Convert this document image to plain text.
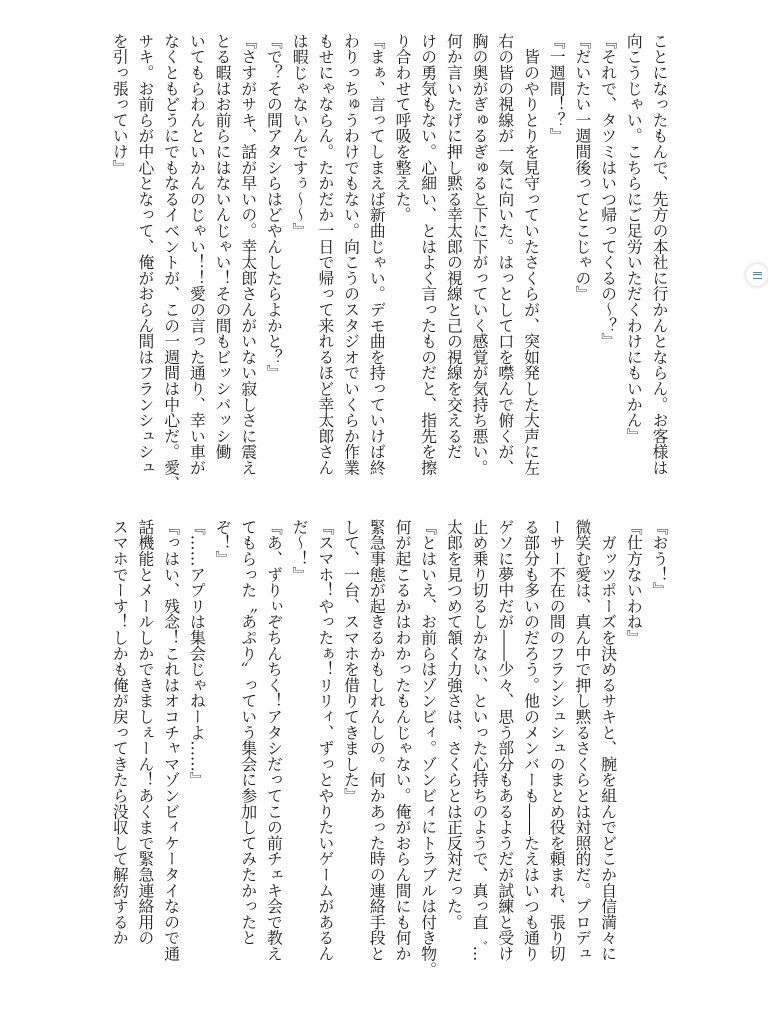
ことになったもんで、先方の本社に行かんとならん。お客様は
向こうじゃい。こちらにご足労いただくわけにもいかん』
『それで、タツミはいつ帰ってくるの～？』
『だいたい一週間後ってとこじゃの』
『一週間！？』
　皆のやりとりを見守っていたさくらが、突如発した大声に左
右の皆の視線が一気に向いた。はっとして口を噤んで俯くが、
胸の奥がぎゅるぎゅると下に下がっていく感覚が気持ち悪い。
何か言いたげに押し黙る幸太郎の視線と己の視線を交えるだ
けの勇気もない。心細い、とはよく言ったものだと、指先を擦
り合わせて呼吸を整えた。
『まぁ、言ってしまえば新曲じゃい。デモ曲を持っていけば終
わりっちゅうわけでもない。向こうのスタジオでいくらか作業
もせにゃならん。たかだか一日で帰って来れるほど幸太郎さん
は暇じゃないんですぅ～～』
『で？その間アタシらはどやんしたらよかと？』
『さすがサキ、話が早いの。幸太郎さんがいない寂しさに震え
とる暇はお前らにはないんじゃい！その間もビッシバッシ働
いてもらわんといかんのじゃい！！愛の言った通り、幸い車が
なくともどうにでもなるイベントが、この一週間は中心だ。愛、
サキ。お前らが中心となって、俺がおらん間はフランシュシュ
を引っ張っていけ』
『おう！』
『仕方ないわね』
　ガッツポーズを決めるサキと、腕を組んでどこか自信満々に
微笑む愛は、真ん中で押し黙るさくらとは対照的だ。プロデュ
ーサー不在の間のフランシュシュのまとめ役を頼まれ、張り切
る部分も多いのだろう。他のメンバーも――たえはいつも通り
ゲソに夢中だが――少々、思う部分もあるようだが試練と受け
止め乗り切るしかない、といった心持ちのようで、真っ直゛…
太郎を見つめて頷く力強さは、さくらとは正反対だった。
『とはいえ、お前らはゾンビィ。ゾンビィにトラブルは付き物。
何が起こるかはわかったもんじゃない。俺がおらん間にも何か
緊急事態が起きるかもしれんしの。何かあった時の連絡手段と
して、一台、スマホを借りてきました』
『スマホ！やったぁ！リリィ、ずっとやりたいゲームがあるん
だ～！』
『あ、ずりぃぞちんちく！アタシだってこの前チェキ会で教え
てもらった〝あぷり〟っていう集会に参加してみたかったと
ぞ！』
『……アプリは集会じゃねーよ……』
『っはい、残念！これはオコチャマゾンビィケータイなので通
話機能とメールしかできましぇーん！あくまで緊急連絡用の
スマホでーす！しかも俺が戻ってきたら没収して解約するか
